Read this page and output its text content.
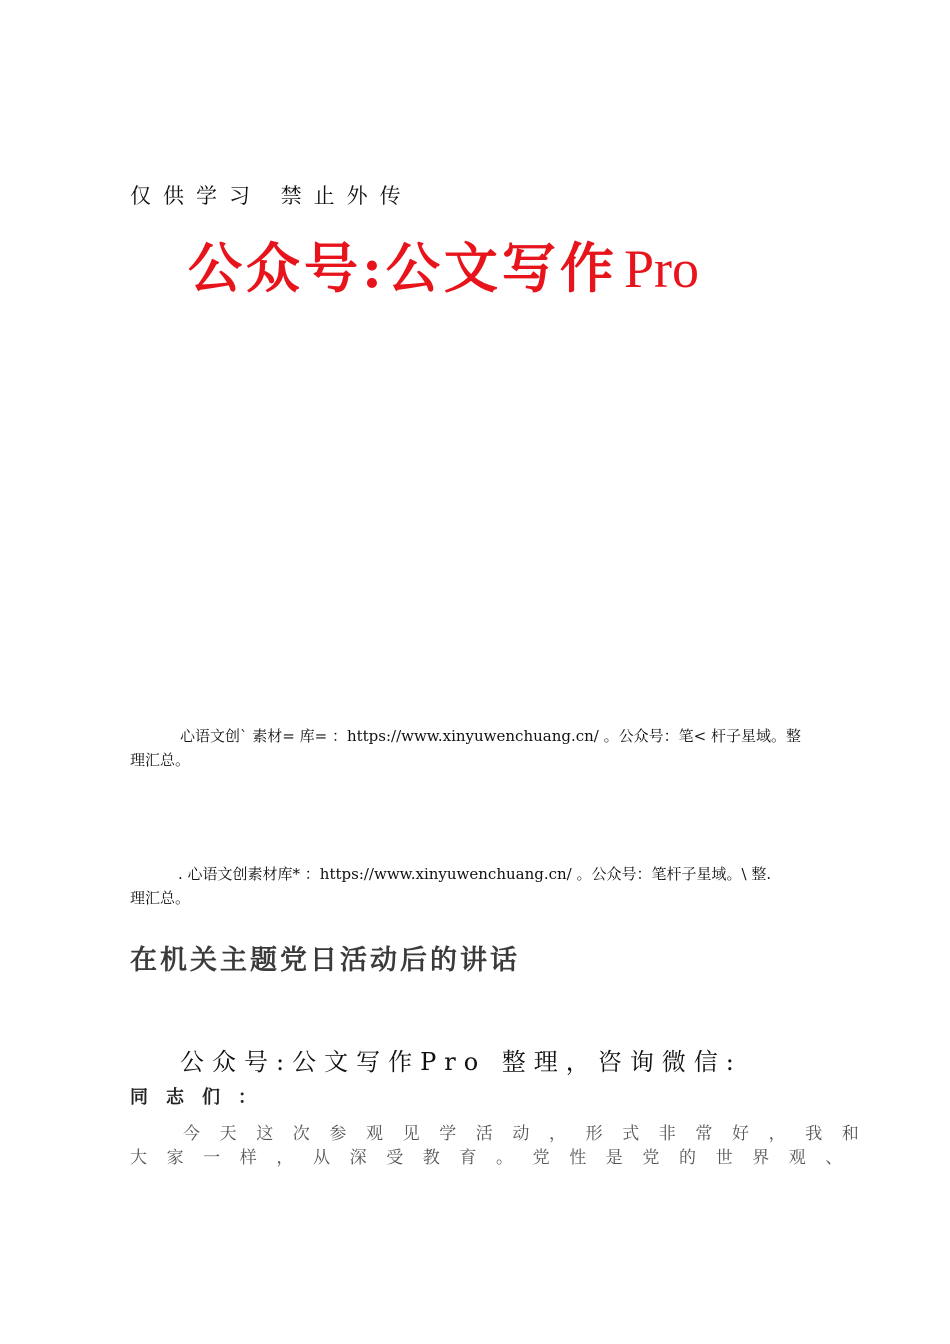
仅供学习 禁止外传
公众号:公文写作 Pro
心语文创` 素材= 库= ：https://www.xinyuwenchuang.cn/ 。公众号：笔< 杆子星域。整
理汇总。
. 心语文创素材库* ：https://www.xinyuwenchuang.cn/ 。公众号：笔杆子星域。\ 整.
理汇总。
在机关主题党日活动后的讲话
公众号:公文写作Pro 整理，咨询微信:
同志们：
今天这次参观见学活动，形式非常好，我和
大家一样，从深受教育。党性是党的世界观、
